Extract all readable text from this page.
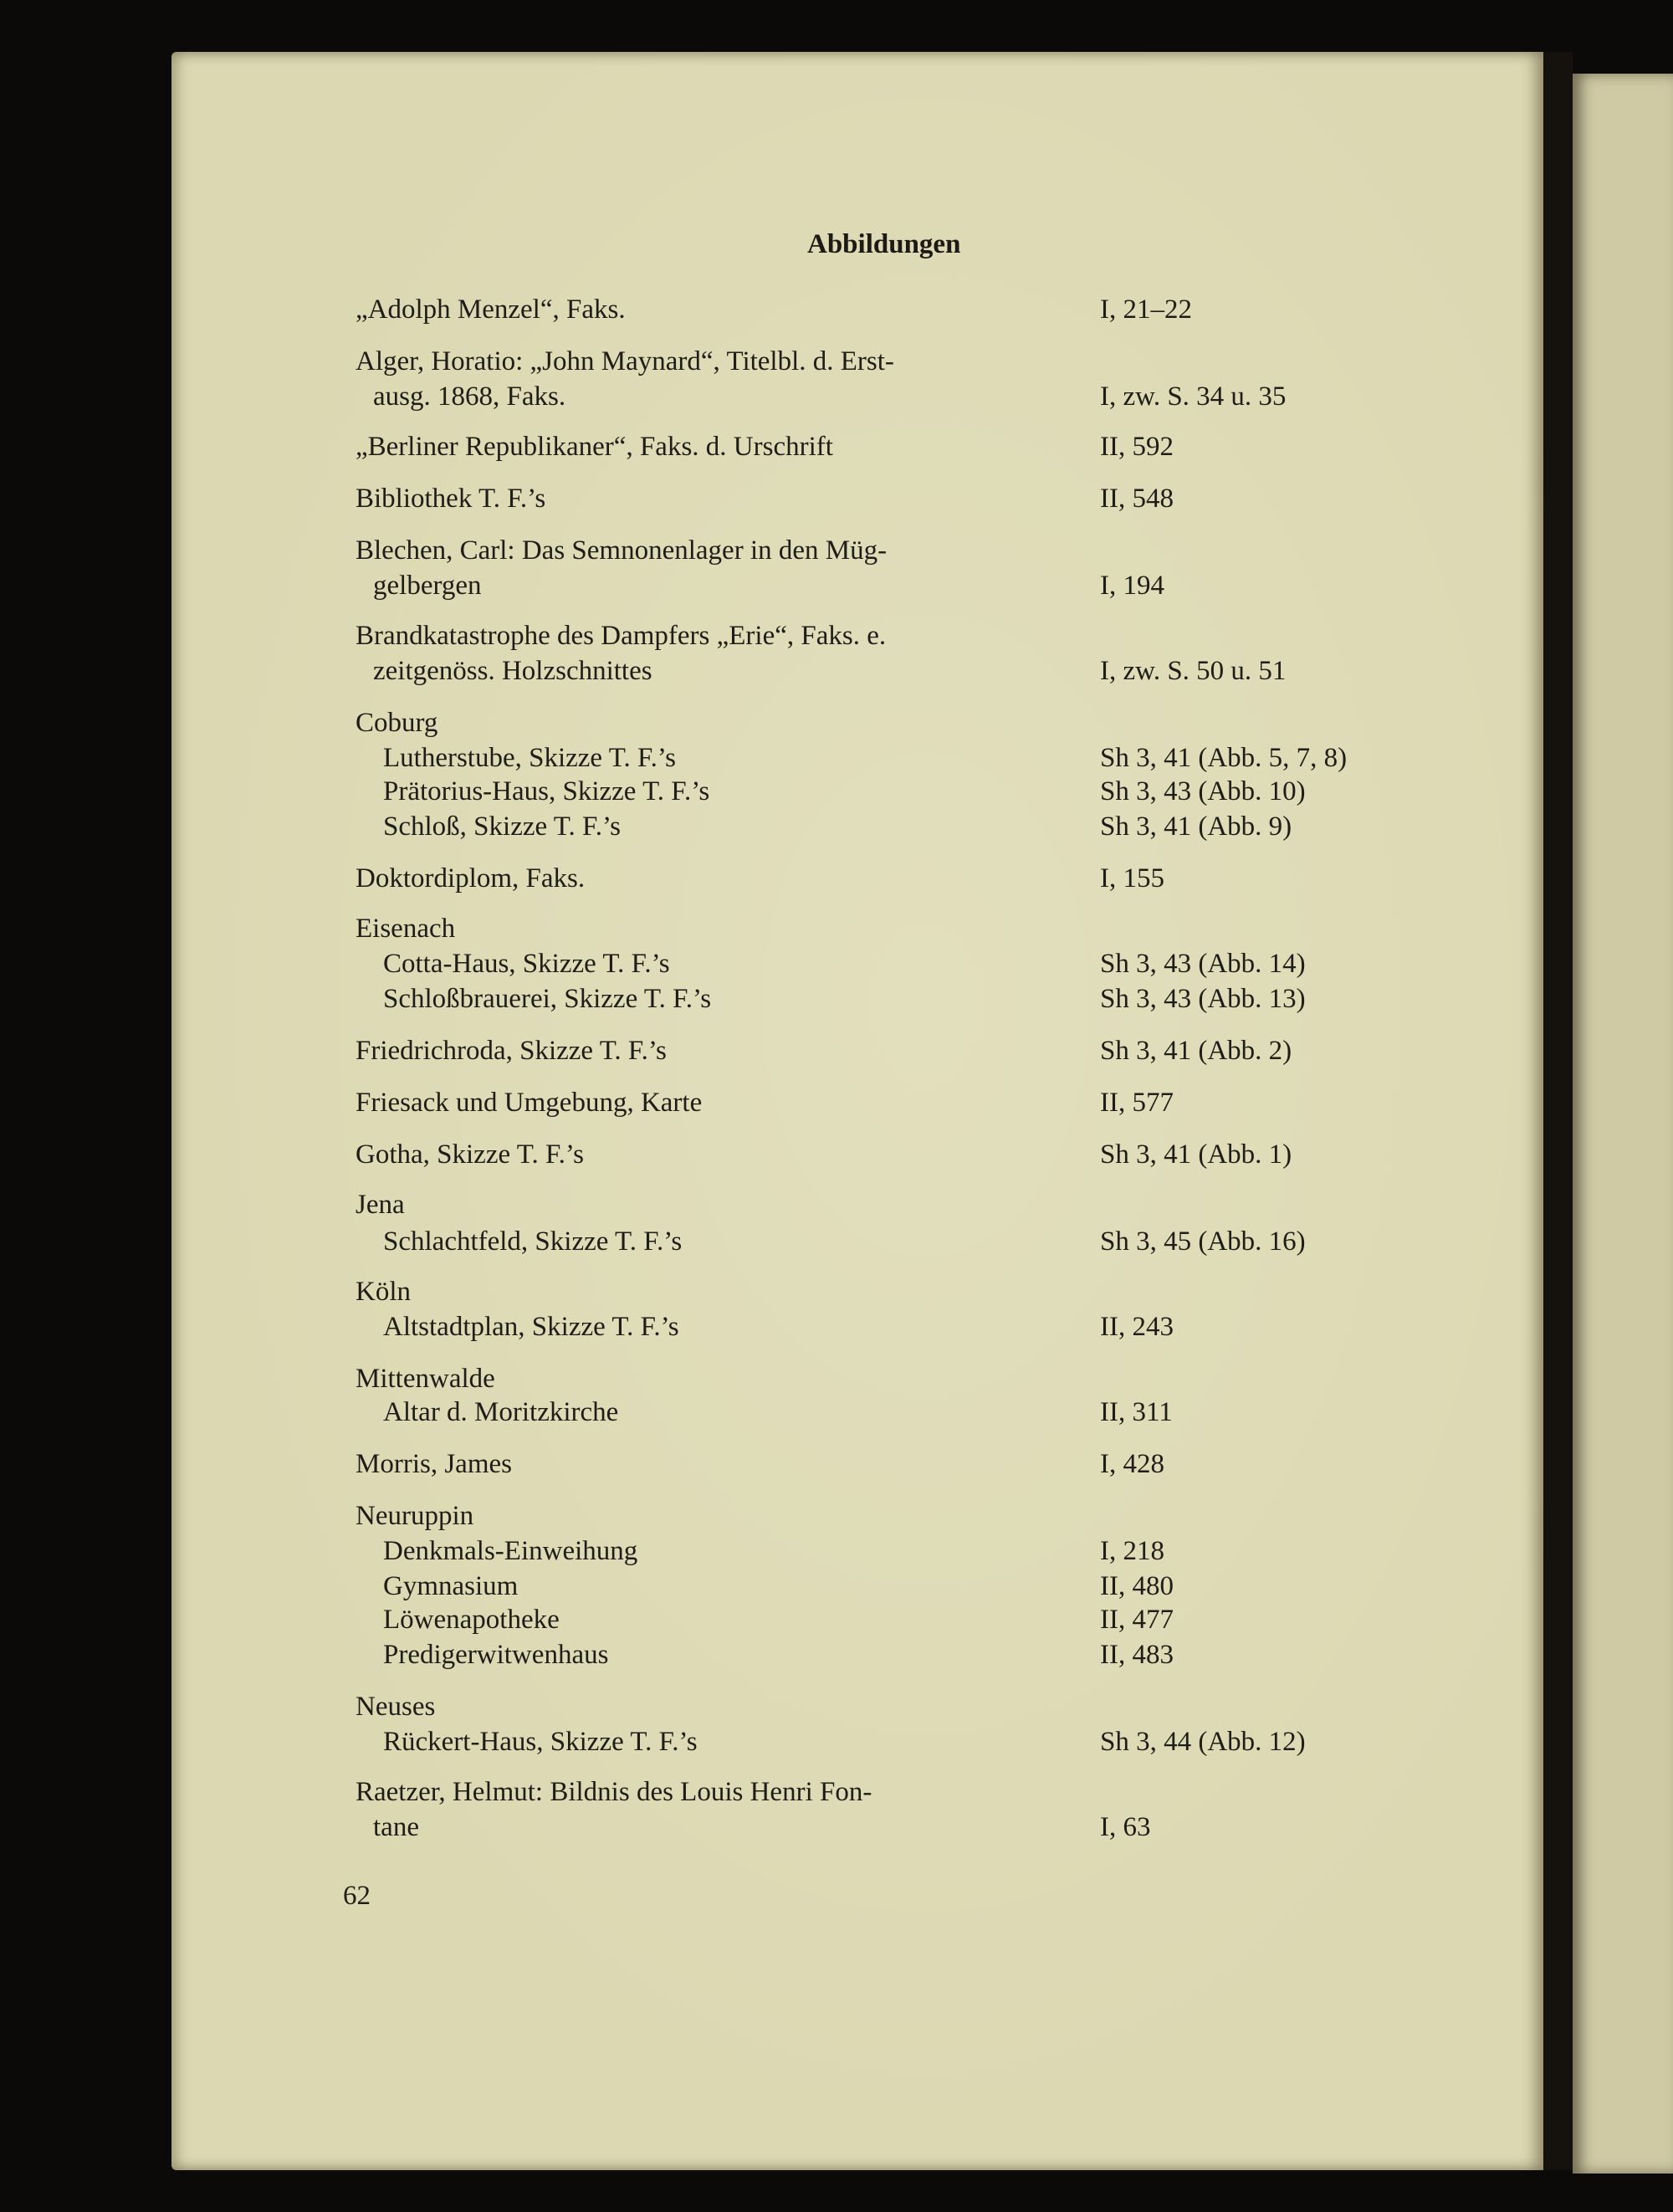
Abbildungen
„Adolph Menzel“, Faks.	I, 21–22
Alger, Horatio: „John Maynard“, Titelbl. d. Erst-
ausg. 1868, Faks.	I, zw. S. 34 u. 35
„Berliner Republikaner“, Faks. d. Urschrift	II, 592
Bibliothek T. F.’s	II, 548
Blechen, Carl: Das Semnonenlager in den Müg-
gelbergen	I, 194
Brandkatastrophe des Dampfers „Erie“, Faks. e.
zeitgenöss. Holzschnittes	I, zw. S. 50 u. 51
Coburg
Lutherstube, Skizze T. F.’s	Sh 3, 41 (Abb. 5, 7, 8)
Prätorius-Haus, Skizze T. F.’s	Sh 3, 43 (Abb. 10)
Schloß, Skizze T. F.’s	Sh 3, 41 (Abb. 9)
Doktordiplom, Faks.	I, 155
Eisenach
Cotta-Haus, Skizze T. F.’s	Sh 3, 43 (Abb. 14)
Schloßbrauerei, Skizze T. F.’s	Sh 3, 43 (Abb. 13)
Friedrichroda, Skizze T. F.’s	Sh 3, 41 (Abb. 2)
Friesack und Umgebung, Karte	II, 577
Gotha, Skizze T. F.’s	Sh 3, 41 (Abb. 1)
Jena
Schlachtfeld, Skizze T. F.’s	Sh 3, 45 (Abb. 16)
Köln
Altstadtplan, Skizze T. F.’s	II, 243
Mittenwalde
Altar d. Moritzkirche	II, 311
Morris, James	I, 428
Neuruppin
Denkmals-Einweihung	I, 218
Gymnasium	II, 480
Löwenapotheke	II, 477
Predigerwitwenhaus	II, 483
Neuses
Rückert-Haus, Skizze T. F.’s	Sh 3, 44 (Abb. 12)
Raetzer, Helmut: Bildnis des Louis Henri Fon-
tane	I, 63
62
